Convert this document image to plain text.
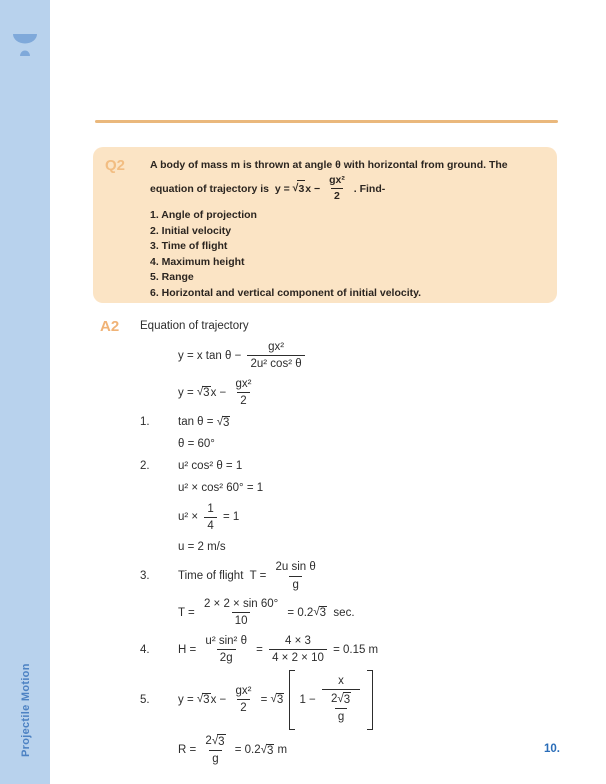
Projectile Motion
Q2	A body of mass m is thrown at angle θ with horizontal from ground. The
equation of trajectory is  y = √ 3 $x - \frac{\text{gx²}}{2}$ . Find-
1. Angle of projection
2. Initial velocity
3. Time of flight
4. Maximum height
5. Range
6. Horizontal and vertical component of initial velocity.
A2 Equation of trajectory
y = x $\tan \theta - \frac{\text{gx²}}{\text{2u² cos² θ}}$
y = √ 3 $x - \frac{\text{gx²}}{2}$
1.	tan θ = √ 3
θ = 60°
2.	u² cos² θ = 1
u² × cos² 60° = 1
$u^2 \times \frac{1}{4} = 1$
u = 2 m/s
3.	Time of flight  $T = \frac{\text{2u sin θ}}{g}$
$T = \frac{2 \times 2 \times \sin 60^\circ}{10} = 0.2$ √ 3 sec.
4.	$H = \frac{\text{u² sin² θ}}{2g} = \frac{4 \times 3}{4 \times 2 \times 10} = 0.15$ m
5.	y = √ 3 $x - \frac{\text{gx²}}{2}$ = √ 3
$1 - \frac{x}{\frac{2 √ 3}{g}}$
$R = \frac{2 √ 3}{g} = 0.2$ √ 3 m	10.
